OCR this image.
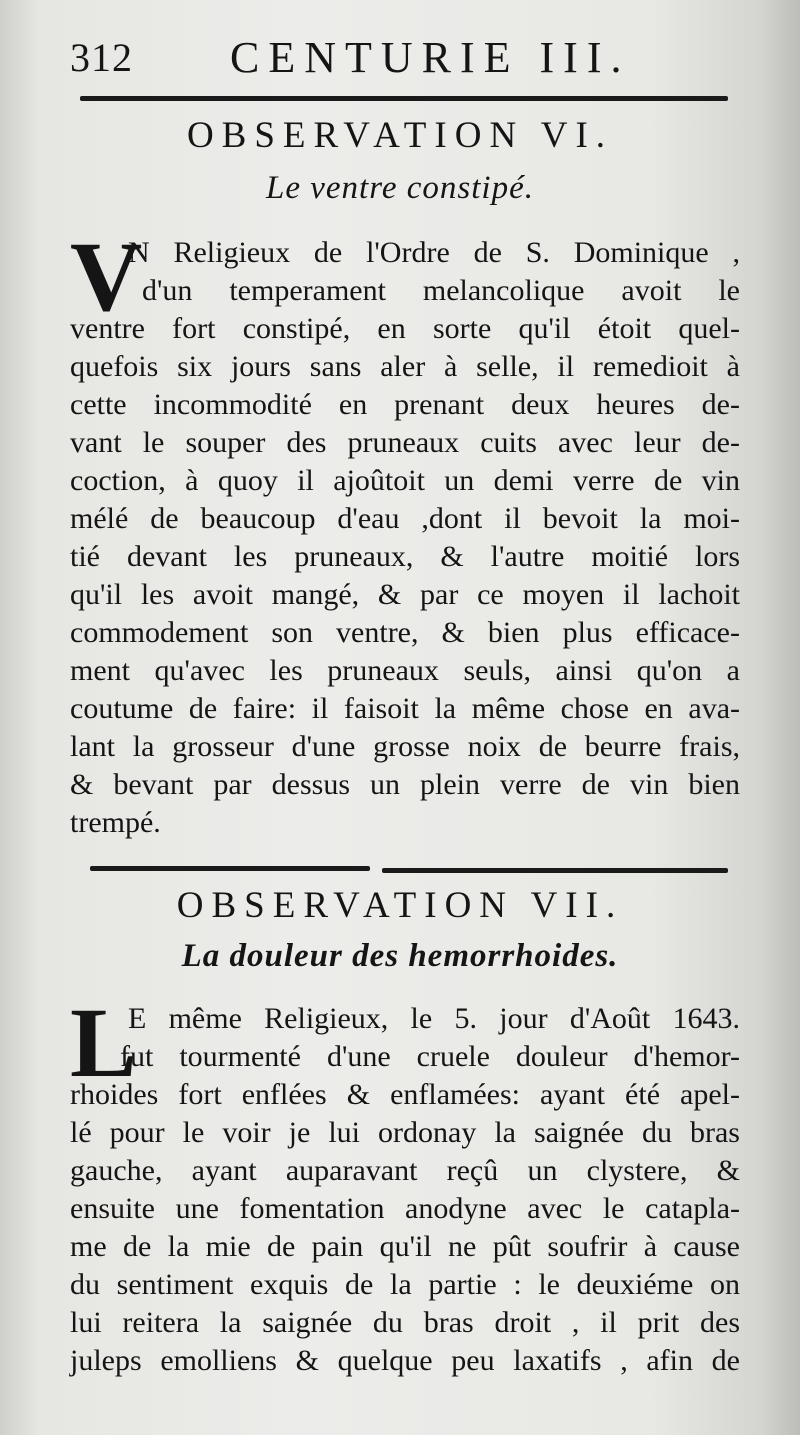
312 CENTURIE III.
OBSERVATION VI.
Le ventre constipé.
V
N Religieux de l'Ordre de S. Dominique ,
d'un temperament melancolique avoit le
ventre fort constipé, en sorte qu'il étoit quel-
quefois six jours sans aler à selle, il remedioit à
cette incommodité en prenant deux heures de-
vant le souper des pruneaux cuits avec leur de-
coction, à quoy il ajoûtoit un demi verre de vin
mélé de beaucoup d'eau ,dont il bevoit la moi-
tié devant les pruneaux, & l'autre moitié lors
qu'il les avoit mangé, & par ce moyen il lachoit
commodement son ventre, & bien plus efficace-
ment qu'avec les pruneaux seuls, ainsi qu'on a
coutume de faire: il faisoit la même chose en ava-
lant la grosseur d'une grosse noix de beurre frais,
& bevant par dessus un plein verre de vin bien
trempé.
OBSERVATION VII.
La douleur des hemorrhoides.
L
E même Religieux, le 5. jour d'Août 1643.
fut tourmenté d'une cruele douleur d'hemor-
rhoides fort enflées & enflamées: ayant été apel-
lé pour le voir je lui ordonay la saignée du bras
gauche, ayant auparavant reçû un clystere, &
ensuite une fomentation anodyne avec le catapla-
me de la mie de pain qu'il ne pût soufrir à cause
du sentiment exquis de la partie : le deuxiéme on
lui reitera la saignée du bras droit , il prit des
juleps emolliens & quelque peu laxatifs , afin de
